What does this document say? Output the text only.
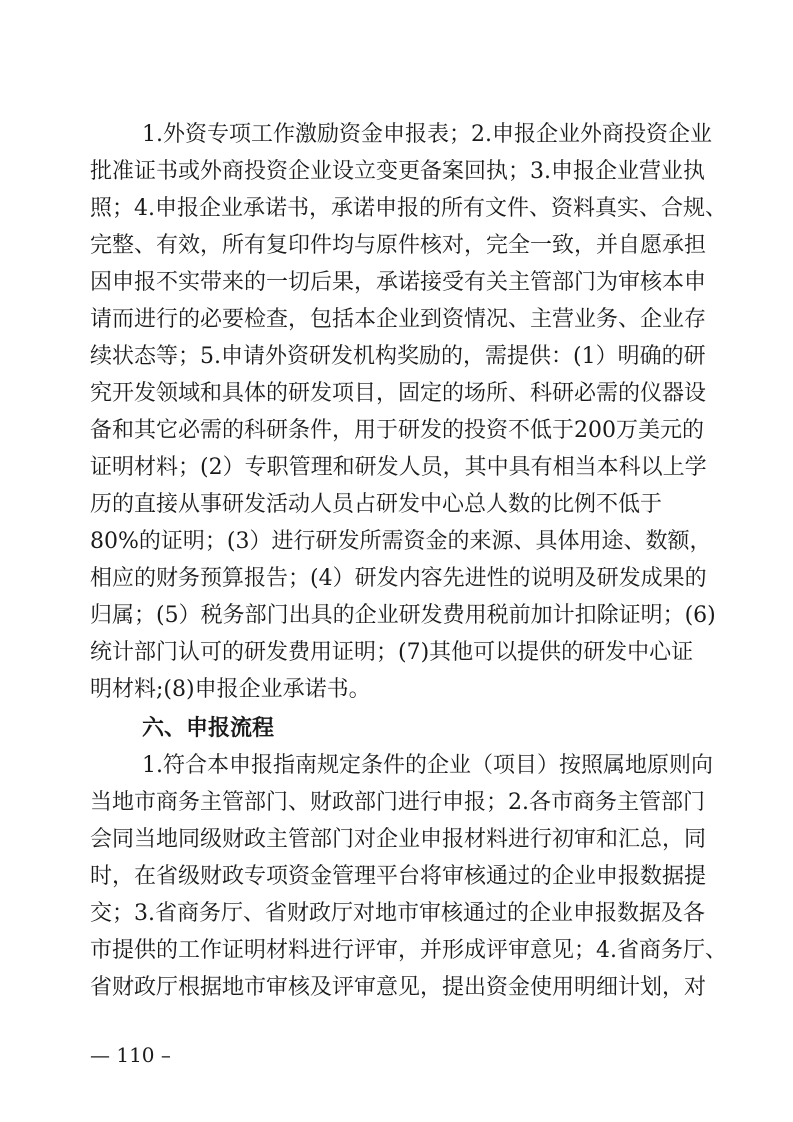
1.外资专项工作激励资金申报表；2.申报企业外商投资企业
批准证书或外商投资企业设立变更备案回执；3.申报企业营业执
照；4.申报企业承诺书，承诺申报的所有文件、资料真实、合规、
完整、有效，所有复印件均与原件核对，完全一致，并自愿承担
因申报不实带来的一切后果，承诺接受有关主管部门为审核本申
请而进行的必要检查，包括本企业到资情况、主营业务、企业存
续状态等；5.申请外资研发机构奖励的，需提供：(1）明确的研
究开发领域和具体的研发项目，固定的场所、科研必需的仪器设
备和其它必需的科研条件，用于研发的投资不低于200万美元的
证明材料；(2）专职管理和研发人员，其中具有相当本科以上学
历的直接从事研发活动人员占研发中心总人数的比例不低于
80%的证明；(3）进行研发所需资金的来源、具体用途、数额，
相应的财务预算报告；(4）研发内容先进性的说明及研发成果的
归属；(5）税务部门出具的企业研发费用税前加计扣除证明；(6)
统计部门认可的研发费用证明；(7)其他可以提供的研发中心证
明材料;(8)申报企业承诺书。
六、申报流程
1.符合本申报指南规定条件的企业（项目）按照属地原则向
当地市商务主管部门、财政部门进行申报；2.各市商务主管部门
会同当地同级财政主管部门对企业申报材料进行初审和汇总，同
时，在省级财政专项资金管理平台将审核通过的企业申报数据提
交；3.省商务厅、省财政厅对地市审核通过的企业申报数据及各
市提供的工作证明材料进行评审，并形成评审意见；4.省商务厅、
省财政厅根据地市审核及评审意见，提出资金使用明细计划，对
— 110 –
